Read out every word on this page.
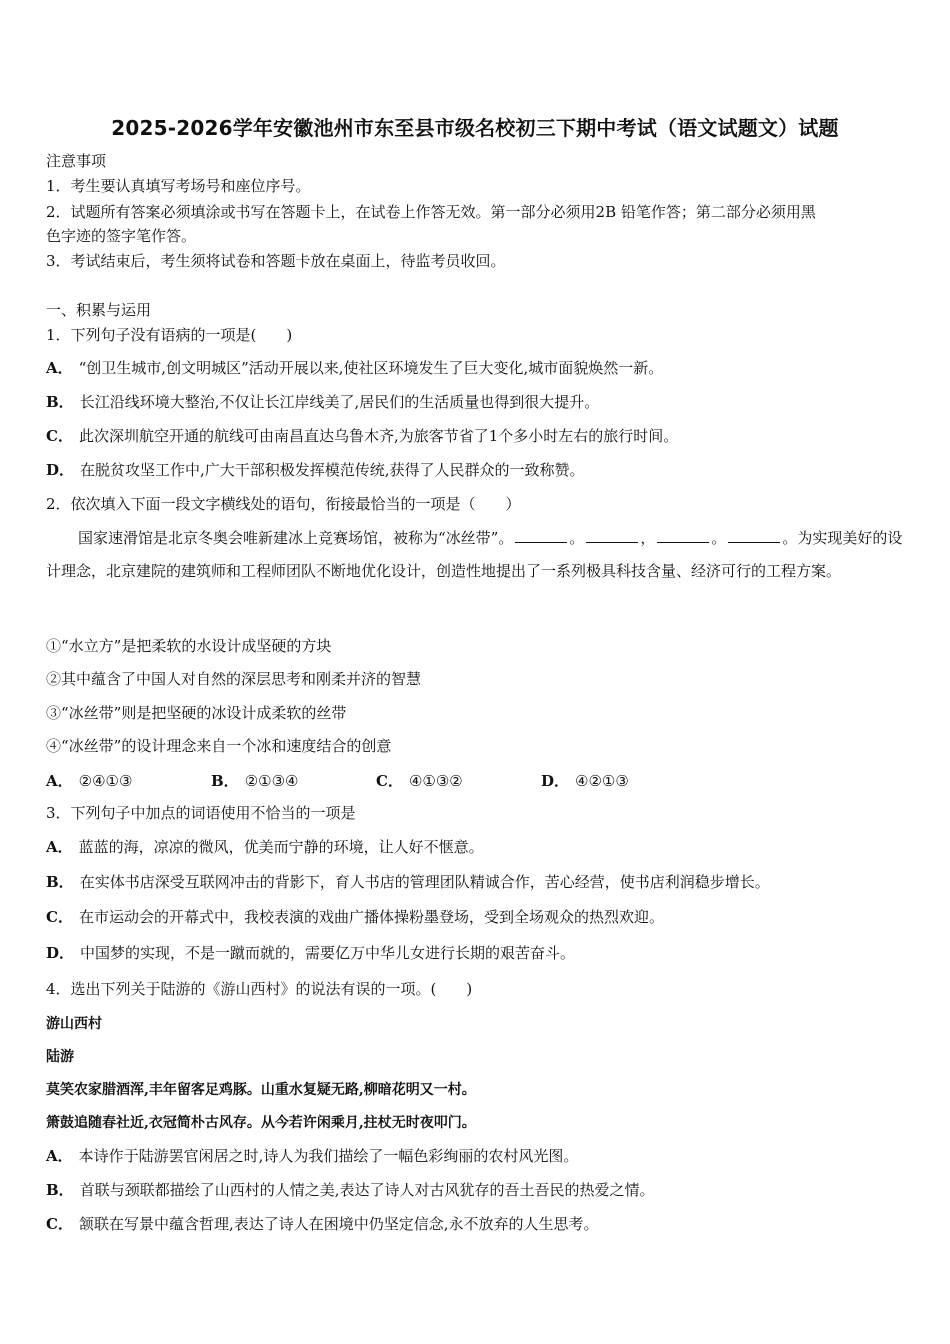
2025-2026学年安徽池州市东至县市级名校初三下期中考试（语文试题文）试题
注意事项
1．考生要认真填写考场号和座位序号。
2．试题所有答案必须填涂或书写在答题卡上，在试卷上作答无效。第一部分必须用2B 铅笔作答；第二部分必须用黑
色字迹的签字笔作答。
3．考试结束后，考生须将试卷和答题卡放在桌面上，待监考员收回。
一、积累与运用
1．下列句子没有语病的一项是(　　)
A． “创卫生城市,创文明城区”活动开展以来,使社区环境发生了巨大变化,城市面貌焕然一新。
B． 长江沿线环境大整治,不仅让长江岸线美了,居民们的生活质量也得到很大提升。
C． 此次深圳航空开通的航线可由南昌直达乌鲁木齐,为旅客节省了1个多小时左右的旅行时间。
D． 在脱贫攻坚工作中,广大干部积极发挥模范传统,获得了人民群众的一致称赞。
2．依次填入下面一段文字横线处的语句，衔接最恰当的一项是（　　）
国家速滑馆是北京冬奥会唯新建冰上竞赛场馆，被称为“冰丝带”。	。	，	。	。为实现美好的设计理念，北京建院的建筑师和工程师团队不断地优化设计，创造性地提出了一系列极具科技含量、经济可行的工程方案。
①“水立方”是把柔软的水设计成坚硬的方块
②其中蕴含了中国人对自然的深层思考和刚柔并济的智慧
③“冰丝带”则是把坚硬的冰设计成柔软的丝带
④“冰丝带”的设计理念来自一个冰和速度结合的创意
A． ②④①③	B． ②①③④	C． ④①③②	D． ④②①③
3．下列句子中加点的词语使用不恰当的一项是
A． 蓝蓝的海，凉凉的微风，优美而宁静的环境，让人好不惬意。
B． 在实体书店深受互联网冲击的背影下，育人书店的管理团队精诚合作，苦心经营，使书店利润稳步增长。
C． 在市运动会的开幕式中，我校表演的戏曲广播体操粉墨登场，受到全场观众的热烈欢迎。
D． 中国梦的实现，不是一蹴而就的，需要亿万中华儿女进行长期的艰苦奋斗。
4．选出下列关于陆游的《游山西村》的说法有误的一项。(　　)
游山西村
陆游
莫笑农家腊酒浑,丰年留客足鸡豚。山重水复疑无路,柳暗花明又一村。
箫鼓追随春社近,衣冠简朴古风存。从今若许闲乘月,拄杖无时夜叩门。
A． 本诗作于陆游罢官闲居之时,诗人为我们描绘了一幅色彩绚丽的农村风光图。
B． 首联与颈联都描绘了山西村的人情之美,表达了诗人对古风犹存的吾土吾民的热爱之情。
C． 颔联在写景中蕴含哲理,表达了诗人在困境中仍坚定信念,永不放弃的人生思考。
